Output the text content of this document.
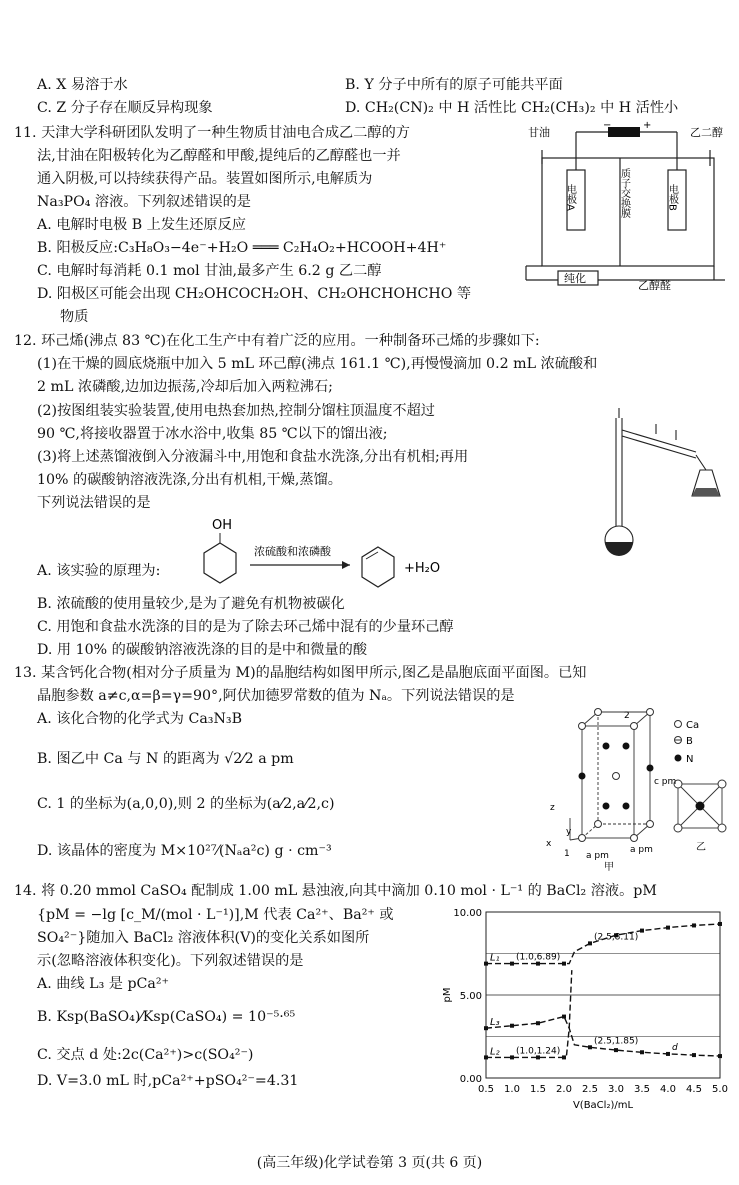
A. X 易溶于水	B. Y 分子中所有的原子可能共平面
C. Z 分子存在顺反异构现象	D. CH₂(CN)₂ 中 H 活性比 CH₂(CH₃)₂ 中 H 活性小
11. 天津大学科研团队发明了一种生物质甘油电合成乙二醇的方
法,甘油在阳极转化为乙醇醛和甲酸,提纯后的乙醇醛也一并
通入阴极,可以持续获得产品。装置如图所示,电解质为
Na₃PO₄ 溶液。下列叙述错误的是
A. 电解时电极 B 上发生还原反应
B. 阳极反应:C₃H₈O₃−4e⁻+H₂O ═══ C₂H₄O₂+HCOOH+4H⁺
C. 电解时每消耗 0.1 mol 甘油,最多产生 6.2 g 乙二醇
D. 阳极区可能会出现 CH₂OHCOCH₂OH、CH₂OHCHOHCHO 等
物质
12. 环己烯(沸点 83 ℃)在化工生产中有着广泛的应用。一种制备环己烯的步骤如下:
(1)在干燥的圆底烧瓶中加入 5 mL 环己醇(沸点 161.1 ℃),再慢慢滴加 0.2 mL 浓硫酸和
2 mL 浓磷酸,边加边振荡,冷却后加入两粒沸石;
(2)按图组装实验装置,使用电热套加热,控制分馏柱顶温度不超过
90 ℃,将接收器置于冰水浴中,收集 85 ℃以下的馏出液;
(3)将上述蒸馏液倒入分液漏斗中,用饱和食盐水洗涤,分出有机相;再用
10% 的碳酸钠溶液洗涤,分出有机相,干燥,蒸馏。
下列说法错误的是
A. 该实验的原理为:
B. 浓硫酸的使用量较少,是为了避免有机物被碳化
C. 用饱和食盐水洗涤的目的是为了除去环己烯中混有的少量环己醇
D. 用 10% 的碳酸钠溶液洗涤的目的是中和微量的酸
13. 某含钙化合物(相对分子质量为 M)的晶胞结构如图甲所示,图乙是晶胞底面平面图。已知
晶胞参数 a≠c,α=β=γ=90°,阿伏加德罗常数的值为 Nₐ。下列说法错误的是
A. 该化合物的化学式为 Ca₃N₃B
B. 图乙中 Ca 与 N 的距离为 √2⁄2 a pm
C. 1 的坐标为(a,0,0),则 2 的坐标为(a⁄2,a⁄2,c)
D. 该晶体的密度为 M×10²⁷⁄(Nₐa²c) g · cm⁻³
14. 将 0.20 mmol CaSO₄ 配制成 1.00 mL 悬浊液,向其中滴加 0.10 mol · L⁻¹ 的 BaCl₂ 溶液。pM
{pM = −lg [c_M/(mol · L⁻¹)],M 代表 Ca²⁺、Ba²⁺ 或
SO₄²⁻}随加入 BaCl₂ 溶液体积(V)的变化关系如图所
示(忽略溶液体积变化)。下列叙述错误的是
A. 曲线 L₃ 是 pCa²⁺
B. Ksp(BaSO₄)⁄Ksp(CaSO₄) = 10⁻⁵·⁶⁵
C. 交点 d 处:2c(Ca²⁺)>c(SO₄²⁻)
D. V=3.0 mL 时,pCa²⁺+pSO₄²⁻=4.31
−	+
甘油	乙二醇
电极A	电极B
质子交换膜
纯化
乙醇醛
OH
浓硫酸和浓磷酸
+H₂O
Ca
B
N
2
1
c pm
a pm
a pm
z
x
y
甲
乙
0.00
5.00
10.00
0.5 1.0 1.5 2.0 2.5 3.0 3.5 4.0 4.5 5.0
V(BaCl₂)/mL
pM
L₁
L₂
L₃
(1.0,6.89)
(2.5,8.11)
(2.5,1.85)
(1.0,1.24)	d
(高三年级)化学试卷第 3 页(共 6 页)
